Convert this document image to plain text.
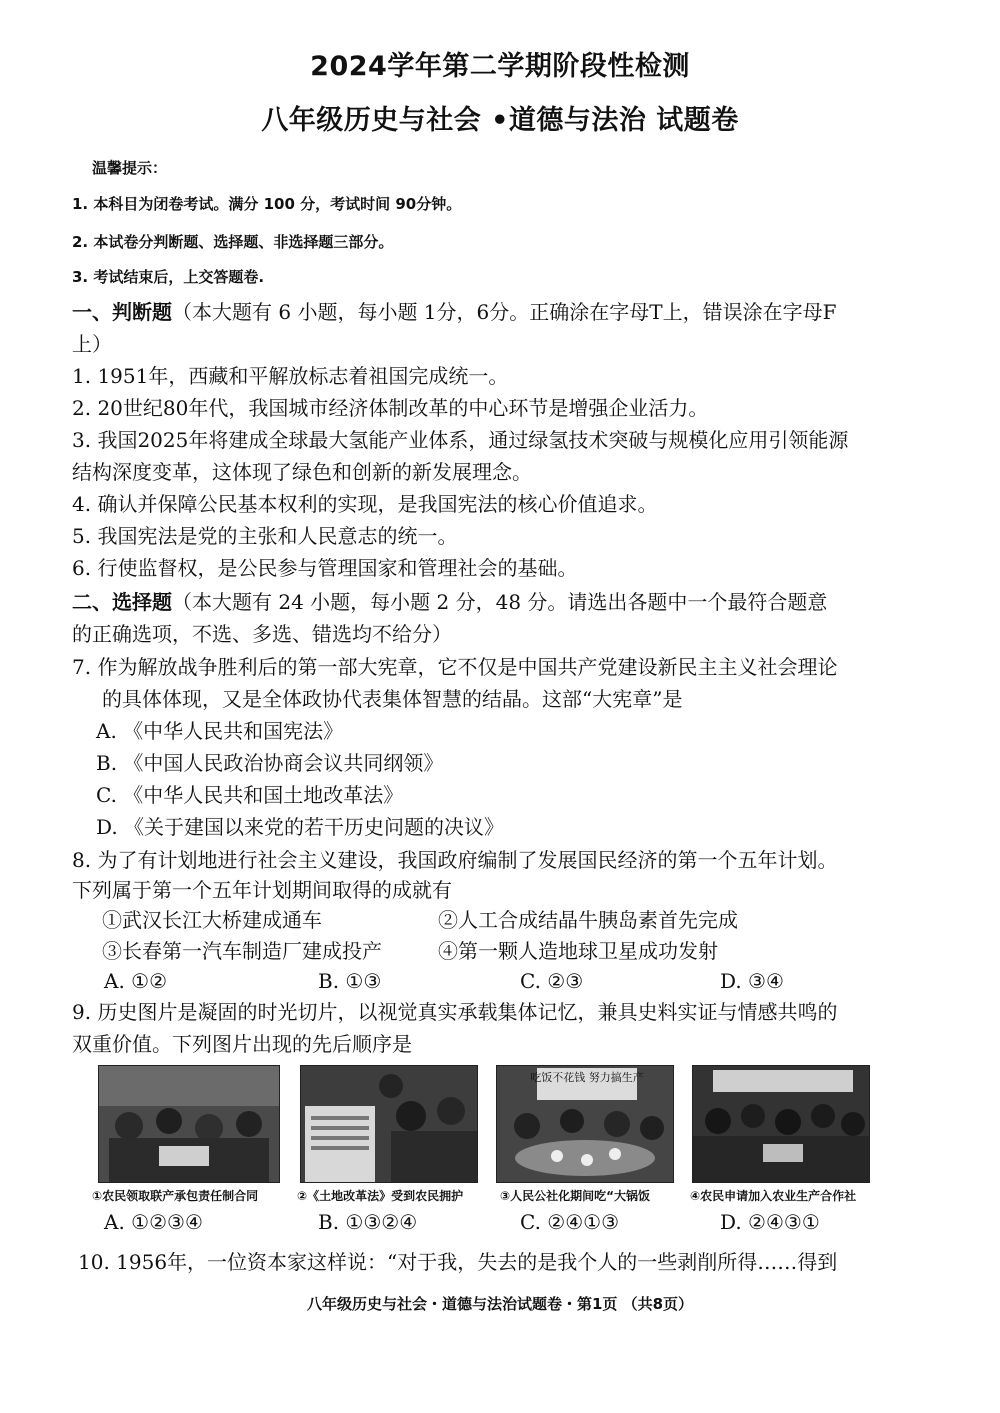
2024学年第二学期阶段性检测
八年级历史与社会 •道德与法治 试题卷
温馨提示：
1. 本科目为闭卷考试。满分 100 分，考试时间 90分钟。
2. 本试卷分判断题、选择题、非选择题三部分。
3. 考试结束后，上交答题卷.
一、判断题（本大题有 6 小题，每小题 1分，6分。正确涂在字母T上，错误涂在字母F
上）
1. 1951年，西藏和平解放标志着祖国完成统一。
2. 20世纪80年代，我国城市经济体制改革的中心环节是增强企业活力。
3. 我国2025年将建成全球最大氢能产业体系，通过绿氢技术突破与规模化应用引领能源
结构深度变革，这体现了绿色和创新的新发展理念。
4. 确认并保障公民基本权利的实现，是我国宪法的核心价值追求。
5. 我国宪法是党的主张和人民意志的统一。
6. 行使监督权，是公民参与管理国家和管理社会的基础。
二、选择题（本大题有 24 小题，每小题 2 分，48 分。请选出各题中一个最符合题意
的正确选项，不选、多选、错选均不给分）
7. 作为解放战争胜利后的第一部大宪章，它不仅是中国共产党建设新民主主义社会理论
的具体体现，又是全体政协代表集体智慧的结晶。这部“大宪章”是
A. 《中华人民共和国宪法》
B. 《中国人民政治协商会议共同纲领》
C. 《中华人民共和国土地改革法》
D. 《关于建国以来党的若干历史问题的决议》
8. 为了有计划地进行社会主义建设，我国政府编制了发展国民经济的第一个五年计划。
下列属于第一个五年计划期间取得的成就有
①武汉长江大桥建成通车	②人工合成结晶牛胰岛素首先完成
③长春第一汽车制造厂建成投产	④第一颗人造地球卫星成功发射
A. ①②	B. ①③	C. ②③	D. ③④
9. 历史图片是凝固的时光切片，以视觉真实承载集体记忆，兼具史料实证与情感共鸣的
双重价值。下列图片出现的先后顺序是
吃饭不花钱 努力搞生产
①农民领取联产承包责任制合同	②《土地改革法》受到农民拥护	③人民公社化期间吃“大锅饭	④农民申请加入农业生产合作社
A. ①②③④	B. ①③②④	C. ②④①③	D. ②④③①
10. 1956年，一位资本家这样说：“对于我，失去的是我个人的一些剥削所得……得到
八年级历史与社会・道德与法治试题卷・第1页 （共8页）
